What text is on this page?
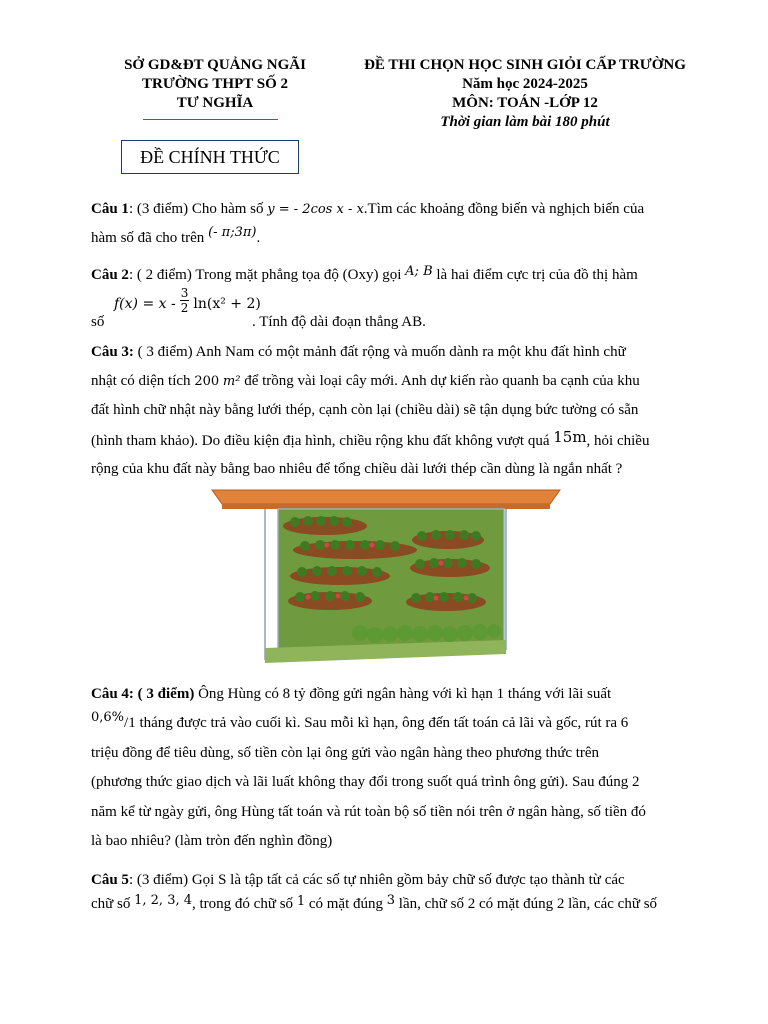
SỞ GD&ĐT QUẢNG NGÃI
TRƯỜNG THPT SỐ 2
TƯ NGHĨA
ĐỀ THI CHỌN HỌC SINH GIỎI CẤP TRƯỜNG
Năm học 2024-2025
MÔN: TOÁN -LỚP 12
Thời gian làm bài 180 phút
ĐỀ CHÍNH THỨC
Câu 1: (3 điểm) Cho hàm số y = - 2cos x - x.Tìm các khoảng đồng biến và nghịch biến của
hàm số đã cho trên (- π;3π).
Câu 2: ( 2 điểm) Trong mặt phẳng tọa độ (Oxy) gọi A; B là hai điểm cực trị của đồ thị hàm
số
$f(x) = x - \frac{3}{2} \ln(x^2 + 2)$
. Tính độ dài đoạn thẳng AB.
Câu 3: ( 3 điểm) Anh Nam có một mảnh đất rộng và muốn dành ra một khu đất hình chữ
nhật có diện tích 200 m² để trồng vài loại cây mới. Anh dự kiến rào quanh ba cạnh của khu
đất hình chữ nhật này bằng lưới thép, cạnh còn lại (chiều dài) sẽ tận dụng bức tường có sẵn
(hình tham khảo). Do điều kiện địa hình, chiều rộng khu đất không vượt quá 15m, hỏi chiều
rộng của khu đất này bằng bao nhiêu để tổng chiều dài lưới thép cần dùng là ngắn nhất ?
Câu 4: ( 3 điểm) Ông Hùng có 8 tỷ đồng gửi ngân hàng với kì hạn 1 tháng với lãi suất
0,6%/1 tháng được trả vào cuối kì. Sau mỗi kì hạn, ông đến tất toán cả lãi và gốc, rút ra 6
triệu đồng để tiêu dùng, số tiền còn lại ông gửi vào ngân hàng theo phương thức trên
(phương thức giao dịch và lãi luất không thay đổi trong suốt quá trình ông gửi). Sau đúng 2
năm kể từ ngày gửi, ông Hùng tất toán và rút toàn bộ số tiền nói trên ở ngân hàng, số tiền đó
là bao nhiêu? (làm tròn đến nghìn đồng)
Câu 5: (3 điểm) Gọi S là tập tất cả các số tự nhiên gồm bảy chữ số được tạo thành từ các
chữ số 1, 2, 3, 4, trong đó chữ số 1 có mặt đúng 3 lần, chữ số 2 có mặt đúng 2 lần, các chữ số
